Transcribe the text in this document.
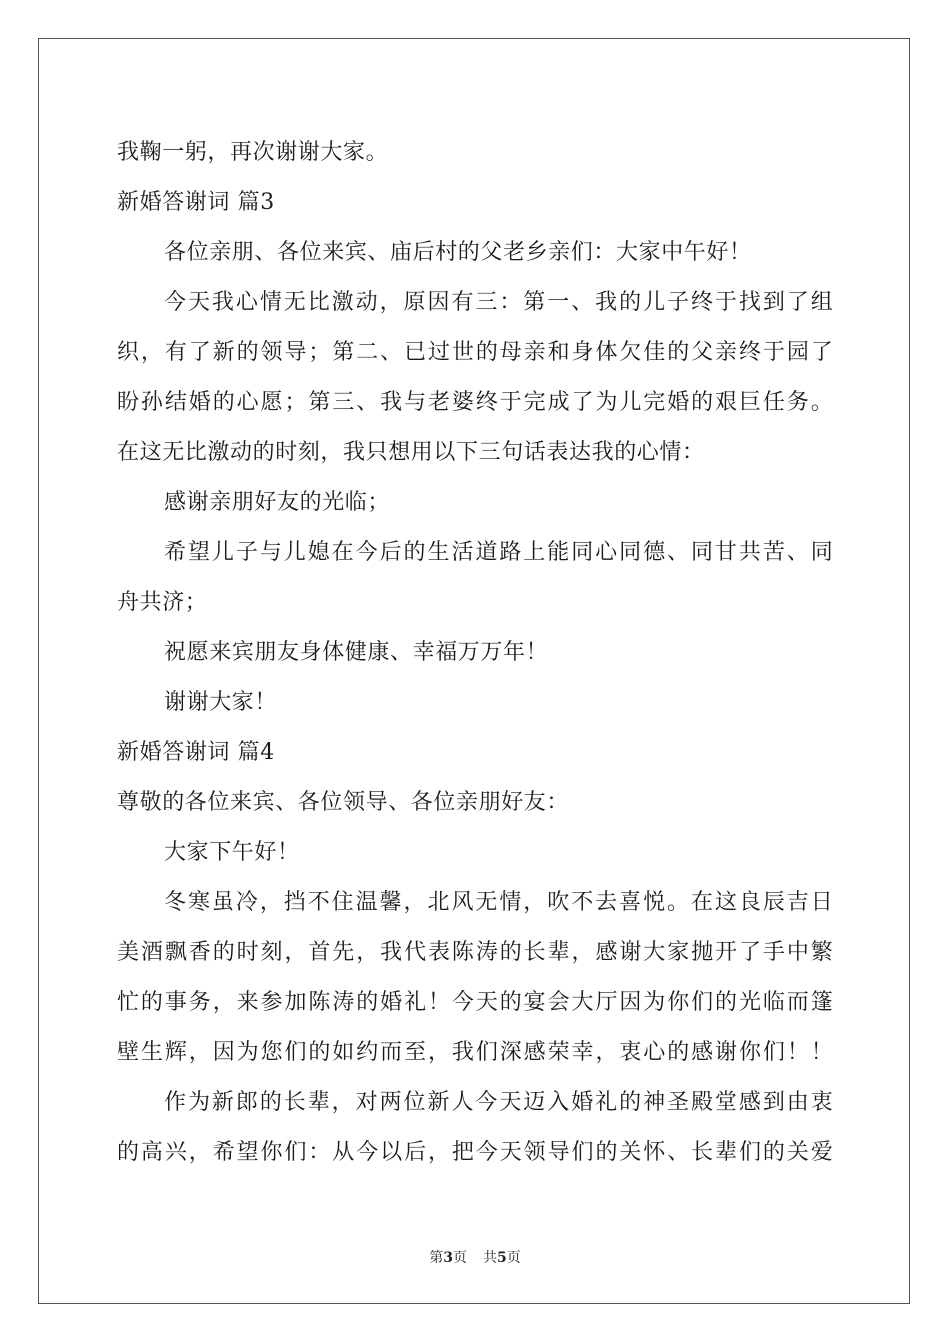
我鞠一躬，再次谢谢大家。
新婚答谢词 篇3
各位亲朋、各位来宾、庙后村的父老乡亲们：大家中午好！
今 天 我 心 情 无 比 激 动 ， 原 因 有 三 ： 第 一 、 我 的 儿 子 终 于 找 到 了 组
织 ， 有 了 新 的 领 导 ； 第 二 、 已 过 世 的 母 亲 和 身 体 欠 佳 的 父 亲 终 于 园 了
盼 孙 结 婚 的 心 愿 ； 第 三 、 我 与 老 婆 终 于 完 成 了 为 儿 完 婚 的 艰 巨 任 务 。
在这无比激动的时刻，我只想用以下三句话表达我的心情：
感谢亲朋好友的光临；
希 望 儿 子 与 儿 媳 在 今 后 的 生 活 道 路 上 能 同 心 同 德 、 同 甘 共 苦 、 同
舟共济；
祝愿来宾朋友身体健康、幸福万万年！
谢谢大家！
新婚答谢词 篇4
尊敬的各位来宾、各位领导、各位亲朋好友：
大家下午好！
冬 寒 虽 冷 ， 挡 不 住 温 馨 ， 北 风 无 情 ， 吹 不 去 喜 悦 。 在 这 良 辰 吉 日
美 酒 飘 香 的 时 刻 ， 首 先 ， 我 代 表 陈 涛 的 长 辈 ， 感 谢 大 家 抛 开 了 手 中 繁
忙 的 事 务 ， 来 参 加 陈 涛 的 婚 礼 ！ 今 天 的 宴 会 大 厅 因 为 你 们 的 光 临 而 篷
壁 生 辉 ， 因 为 您 们 的 如 约 而 至 ， 我 们 深 感 荣 幸 ， 衷 心 的 感 谢 你 们 ！ ！
作 为 新 郎 的 长 辈 ， 对 两 位 新 人 今 天 迈 入 婚 礼 的 神 圣 殿 堂 感 到 由 衷
的 高 兴 ， 希 望 你 们 ： 从 今 以 后 ， 把 今 天 领 导 们 的 关 怀 、 长 辈 们 的 关 爱
第3页 共5页
